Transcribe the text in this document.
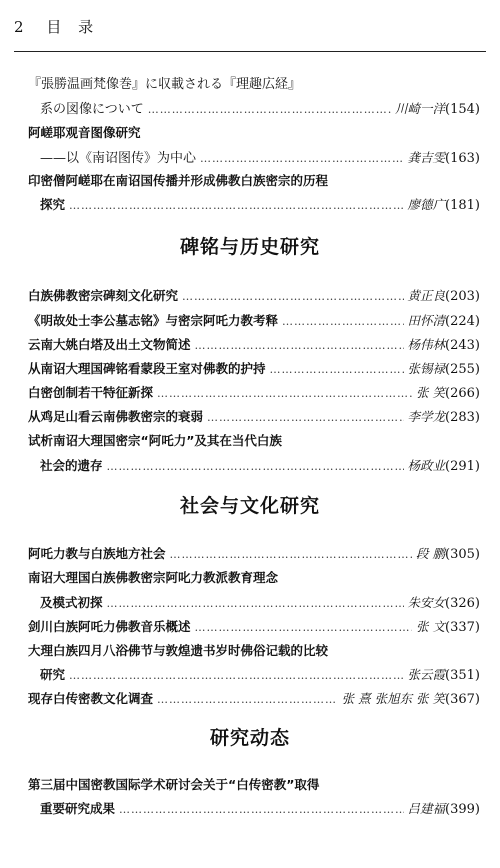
2 目 录
『張勝温画梵像巻』に収載される『理趣広経』
系の図像について ……………………………………………………………………………………………………………………………………………………	川崎一洋 (154)
阿嵯耶观音图像研究
——以《南诏图传》为中心 ……………………………………………………………………………………………………………………………………………………	龚吉雯 (163)
印密僧阿嵯耶在南诏国传播并形成佛教白族密宗的历程
探究 ……………………………………………………………………………………………………………………………………………………	廖德广 (181)
碑铭与历史研究
白族佛教密宗碑刻文化研究 ……………………………………………………………………………………………………………………………………………………	黄正良 (203)
《明故处士李公墓志铭》与密宗阿吒力教考释 ……………………………………………………………………………………………………………………………………………………	田怀清 (224)
云南大姚白塔及出土文物简述 ……………………………………………………………………………………………………………………………………………………	杨伟林 (243)
从南诏大理国碑铭看蒙段王室对佛教的护持 ……………………………………………………………………………………………………………………………………………………	张锡禄 (255)
白密创制若干特征新探 ……………………………………………………………………………………………………………………………………………………	张 笑 (266)
从鸡足山看云南佛教密宗的衰弱 ……………………………………………………………………………………………………………………………………………………	李学龙 (283)
试析南诏大理国密宗“阿吒力”及其在当代白族
社会的遗存 ……………………………………………………………………………………………………………………………………………………	杨政业 (291)
社会与文化研究
阿吒力教与白族地方社会 ……………………………………………………………………………………………………………………………………………………	段 鹏 (305)
南诏大理国白族佛教密宗阿叱力教派教育理念
及模式初探 ……………………………………………………………………………………………………………………………………………………	朱安女 (326)
剑川白族阿吒力佛教音乐概述 ……………………………………………………………………………………………………………………………………………………	张 文 (337)
大理白族四月八浴佛节与敦煌遗书岁时佛俗记载的比较
研究 ……………………………………………………………………………………………………………………………………………………	张云霞 (351)
现存白传密教文化调查 ……………………………………………………………………………………………………………………………………………………	张 熹 张旭东 张 笑 (367)
研究动态
第三届中国密教国际学术研讨会关于“白传密教”取得
重要研究成果 ……………………………………………………………………………………………………………………………………………………	吕建福 (399)
